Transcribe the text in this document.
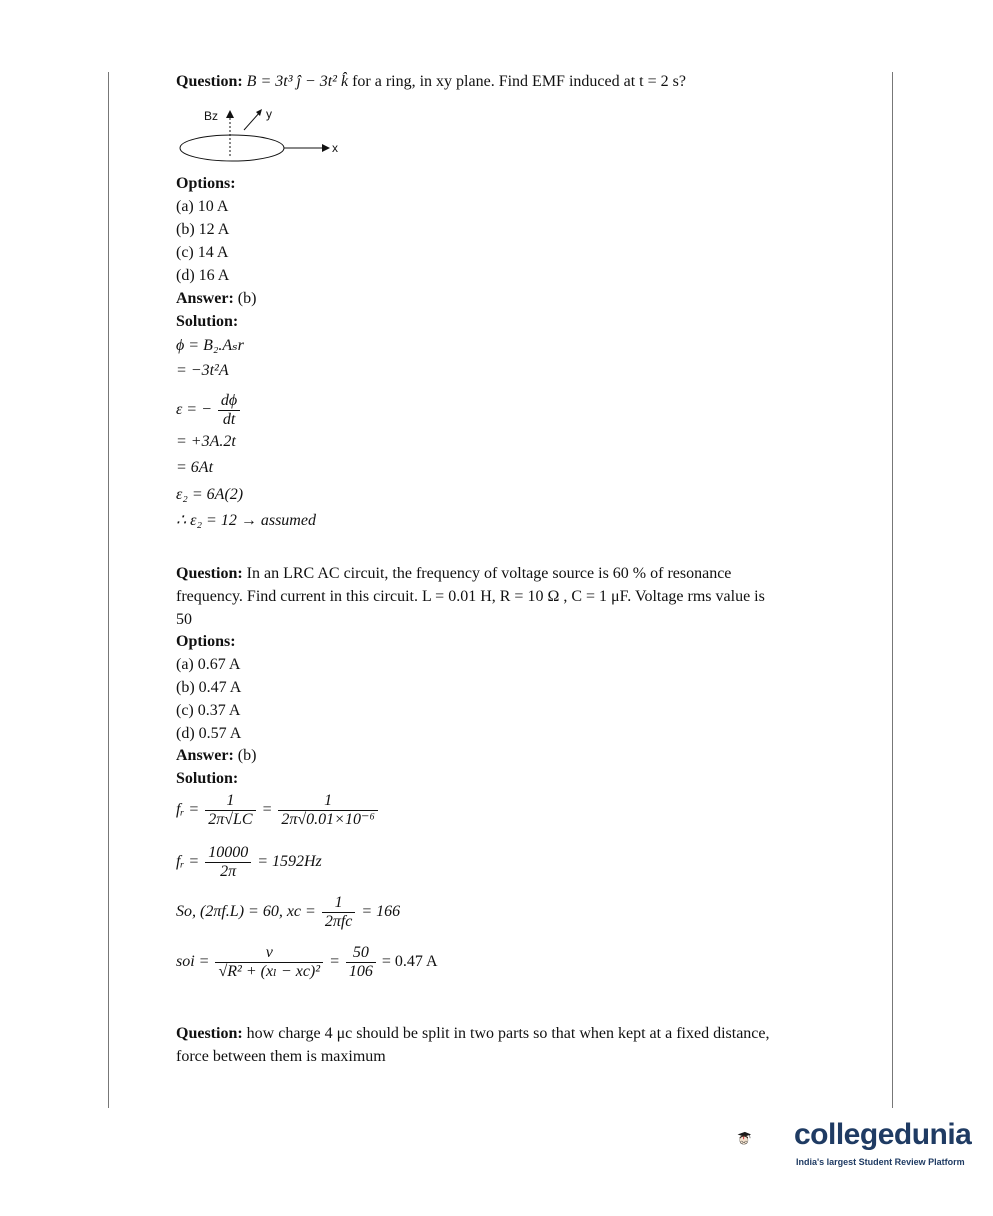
Question: B = 3t³ ĵ − 3t² k̂ for a ring, in xy plane. Find EMF induced at t = 2 s?
Bz	y
x
Options:
(a) 10 A
(b) 12 A
(c) 14 A
(d) 16 A
Answer: (b)
Solution:
ϕ = B₂.Aₛr
= −3t²A
ε = − $\frac{d\phi}{dt}$
= +3A.2t
= 6At
ε₂ = 6A(2)
∴ ε₂ = 12 → assumed
Question: In an LRC AC circuit, the frequency of voltage source is 60 % of resonance
frequency. Find current in this circuit. L = 0.01 H, R = 10 Ω , C = 1 μF. Voltage rms value is
50
Options:
(a) 0.67 A
(b) 0.47 A
(c) 0.37 A
(d) 0.57 A
Answer: (b)
Solution:
fᵣ = $\frac{1}{2\pi√LC} = \frac{1}{\text{2π√0.01×10⁻⁶}}$
fᵣ = $\frac{10000}{2\pi} = 1592Hz$
So, (2πf.L) = 60, xc = $\frac{1}{\text{2πfc}} = 166$
soi = $\frac{v}{\text{√R² + (xₗ − xc)²}} = \frac{50}{106} = 0.47$ A
Question: how charge 4 μc should be split in two parts so that when kept at a fixed distance,
force between them is maximum
collegedunia
India's largest Student Review Platform
